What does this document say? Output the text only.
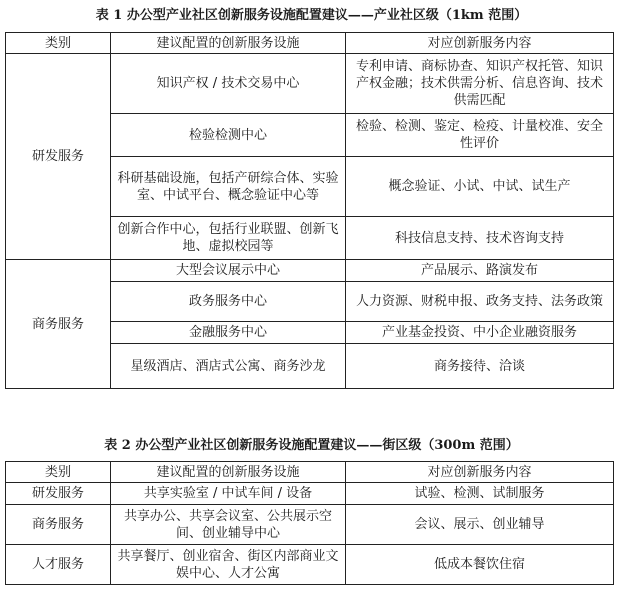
表 1 办公型产业社区创新服务设施配置建议——产业社区级（1km 范围）
类别	建议配置的创新服务设施	对应创新服务内容
研发服务	知识产权 / 技术交易中心	专利申请、商标协查、知识产权托管、知识产权金融；技术供需分析、信息咨询、技术供需匹配
	检验检测中心	检验、检测、鉴定、检疫、计量校准、安全性评价
	科研基础设施，包括产研综合体、实验室、中试平台、概念验证中心等	概念验证、小试、中试、试生产
	创新合作中心，包括行业联盟、创新飞地、虚拟校园等	科技信息支持、技术咨询支持
商务服务	大型会议展示中心	产品展示、路演发布
	政务服务中心	人力资源、财税申报、政务支持、法务政策
	金融服务中心	产业基金投资、中小企业融资服务
	星级酒店、酒店式公寓、商务沙龙	商务接待、洽谈
表 2 办公型产业社区创新服务设施配置建议——街区级（300m 范围）
类别	建议配置的创新服务设施	对应创新服务内容
研发服务	共享实验室 / 中试车间 / 设备	试验、检测、试制服务
商务服务	共享办公、共享会议室、公共展示空间、创业辅导中心	会议、展示、创业辅导
人才服务	共享餐厅、创业宿舍、街区内部商业文娱中心、人才公寓	低成本餐饮住宿
